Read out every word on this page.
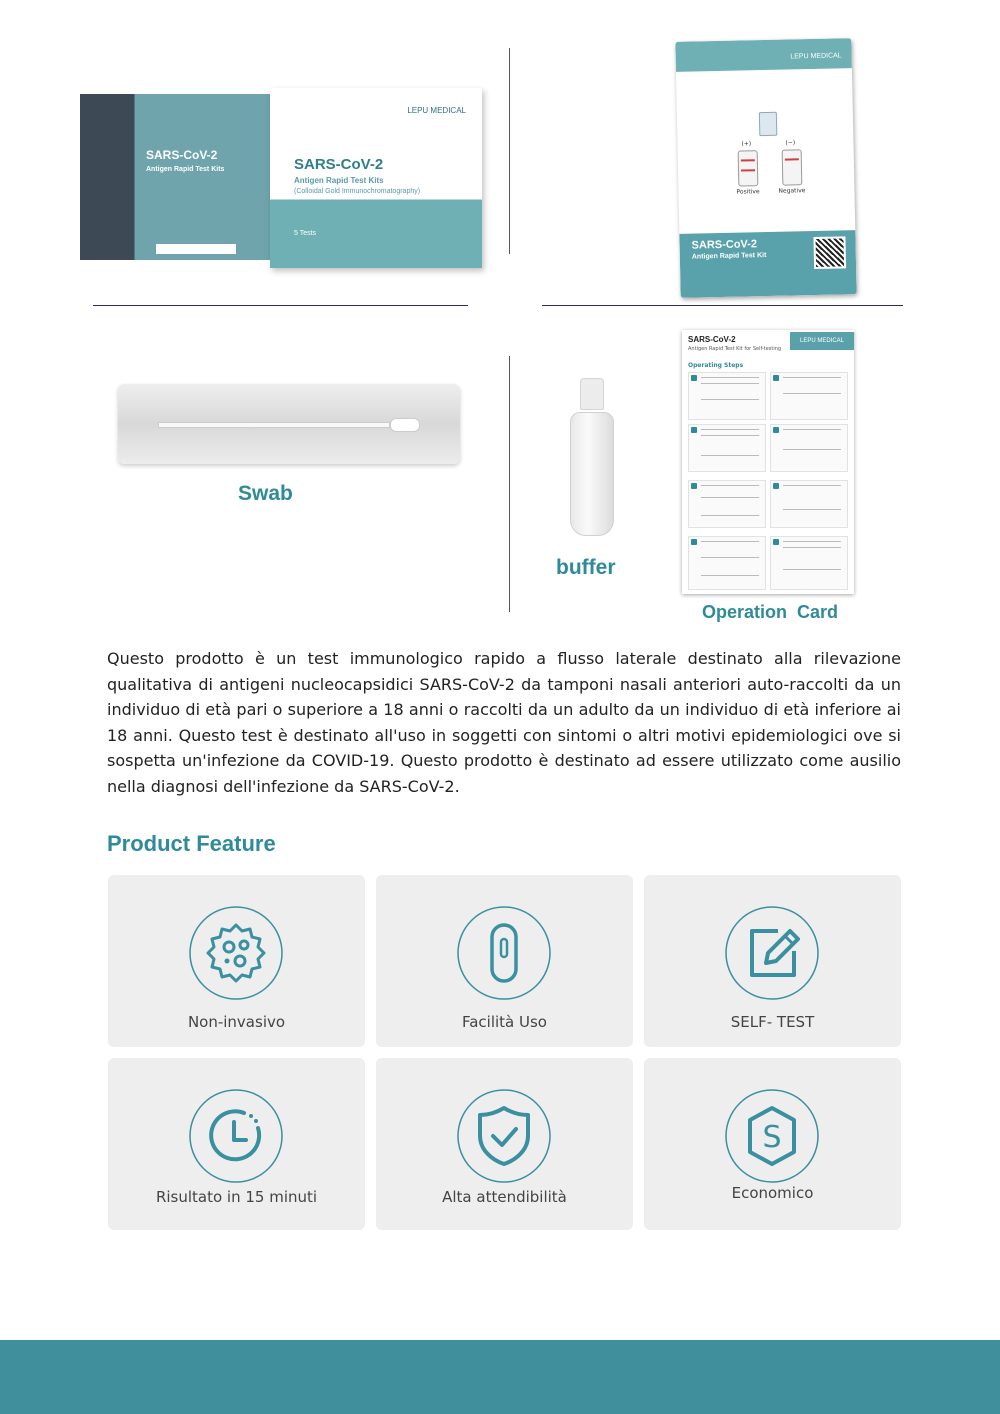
SARS-CoV-2
Antigen Rapid Test Kits
LEPU MEDICAL
SARS-CoV-2
Antigen Rapid Test Kits
(Colloidal Gold Immunochromatography)
5 Tests
LEPU MEDICAL
(+)	(−)
Positive	Negative
SARS-CoV-2
Antigen Rapid Test Kit
Swab
buffer
SARS-CoV-2	LEPU MEDICAL
Antigen Rapid Test Kit for Self-testing
Operating Steps
Operation  Card
Questo prodotto è un test immunologico rapido a flusso laterale destinato alla rilevazione qualitativa di antigeni nucleocapsidici SARS-CoV-2 da tamponi nasali anteriori auto-raccolti da un individuo di età pari o superiore a 18 anni o raccolti da un adulto da un individuo di età inferiore ai 18 anni. Questo test è destinato all'uso in soggetti con sintomi o altri motivi epidemiologici ove si sospetta un'infezione da COVID-19. Questo prodotto è destinato ad essere utilizzato come ausilio nella diagnosi dell'infezione da SARS-CoV-2.
Product Feature
Non-invasivo	Facilità Uso	SELF- TEST
Risultato in 15 minuti	Alta attendibilità
S
Economico
